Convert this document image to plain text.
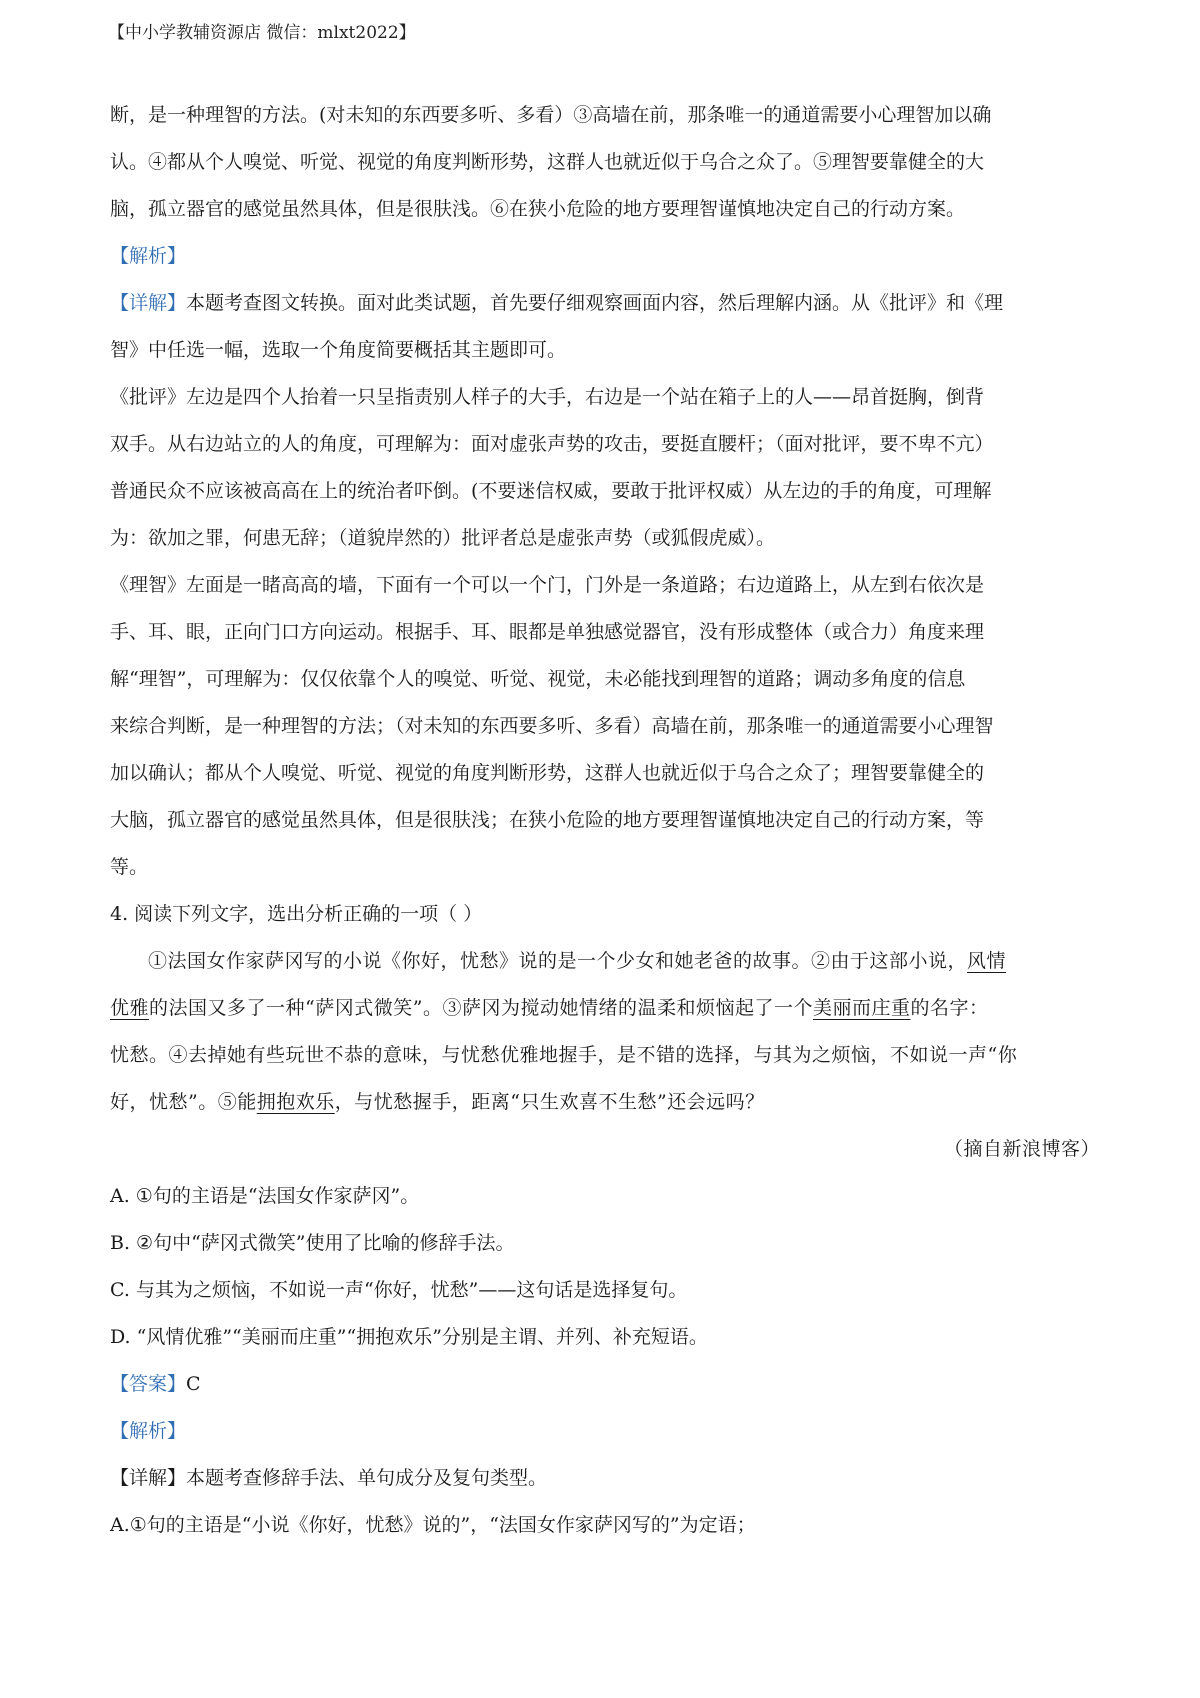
【中小学教辅资源店 微信：mlxt2022】

断，是一种理智的方法。(对未知的东西要多听、多看）③高墙在前，那条唯一的通道需要小心理智加以确

认。④都从个人嗅觉、听觉、视觉的角度判断形势，这群人也就近似于乌合之众了。⑤理智要靠健全的大

脑，孤立器官的感觉虽然具体，但是很肤浅。⑥在狭小危险的地方要理智谨慎地决定自己的行动方案。

【解析】

【详解】本题考查图文转换。面对此类试题，首先要仔细观察画面内容，然后理解内涵。从《批评》和《理

智》中任选一幅，选取一个角度简要概括其主题即可。

《批评》左边是四个人抬着一只呈指责别人样子的大手，右边是一个站在箱子上的人——昂首挺胸，倒背

双手。从右边站立的人的角度，可理解为：面对虚张声势的攻击，要挺直腰杆；（面对批评，要不卑不亢）

普通民众不应该被高高在上的统治者吓倒。(不要迷信权威，要敢于批评权威）从左边的手的角度，可理解

为：欲加之罪，何患无辞；（道貌岸然的）批评者总是虚张声势（或狐假虎威）。

《理智》左面是一睹高高的墙，下面有一个可以一个门，门外是一条道路；右边道路上，从左到右依次是

手、耳、眼，正向门口方向运动。根据手、耳、眼都是单独感觉器官，没有形成整体（或合力）角度来理

解“理智”，可理解为：仅仅依靠个人的嗅觉、听觉、视觉，未必能找到理智的道路；调动多角度的信息

来综合判断，是一种理智的方法；（对未知的东西要多听、多看）高墙在前，那条唯一的通道需要小心理智

加以确认；都从个人嗅觉、听觉、视觉的角度判断形势，这群人也就近似于乌合之众了；理智要靠健全的

大脑，孤立器官的感觉虽然具体，但是很肤浅；在狭小危险的地方要理智谨慎地决定自己的行动方案，等

等。

4. 阅读下列文字，选出分析正确的一项（ ）

①法国女作家萨冈写的小说《你好，忧愁》说的是一个少女和她老爸的故事。②由于这部小说，风情

优雅的法国又多了一种“萨冈式微笑”。③萨冈为搅动她情绪的温柔和烦恼起了一个美丽而庄重的名字：

忧愁。④去掉她有些玩世不恭的意味，与忧愁优雅地握手，是不错的选择，与其为之烦恼，不如说一声“你

好，忧愁”。⑤能拥抱欢乐，与忧愁握手，距离“只生欢喜不生愁”还会远吗？

（摘自新浪博客）

A. ①句的主语是“法国女作家萨冈”。

B. ②句中“萨冈式微笑”使用了比喻的修辞手法。

C. 与其为之烦恼，不如说一声“你好，忧愁”——这句话是选择复句。

D. “风情优雅”“美丽而庄重”“拥抱欢乐”分别是主谓、并列、补充短语。

【答案】C

【解析】

【详解】本题考查修辞手法、单句成分及复句类型。

A.①句的主语是“小说《你好，忧愁》说的”，“法国女作家萨冈写的”为定语；
